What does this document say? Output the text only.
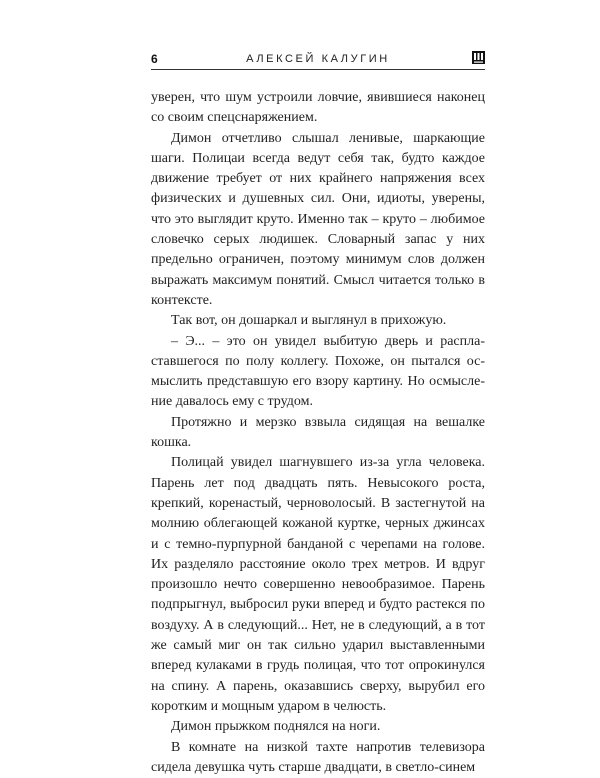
6	АЛЕКСЕЙ КАЛУГИН

уверен, что шум устроили ловчие, явившиеся наконец со своим спецснаряжением.

Димон отчетливо слышал ленивые, шаркающие шаги. Полицаи всегда ведут себя так, будто каждое движение требует от них крайнего напряжения всех физических и душевных сил. Они, идиоты, уверены, что это выглядит круто. Именно так – круто – любимое словечко серых людишек. Словарный запас у них предельно ограничен, поэтому минимум слов должен выражать максимум понятий. Смысл читается только в контексте.

Так вот, он дошаркал и выглянул в прихожую.

– Э... – это он увидел выбитую дверь и распластавшегося по полу коллегу. Похоже, он пытался осмыслить представшую его взору картину. Но осмысление давалось ему с трудом.

Протяжно и мерзко взвыла сидящая на вешалке кошка.

Полицай увидел шагнувшего из-за угла человека. Парень лет под двадцать пять. Невысокого роста, крепкий, коренастый, черноволосый. В застегнутой на молнию облегающей кожаной куртке, черных джинсах и с темно-пурпурной банданой с черепами на голове. Их разделяло расстояние около трех метров. И вдруг произошло нечто совершенно невообразимое. Парень подпрыгнул, выбросил руки вперед и будто растекся по воздуху. А в следующий... Нет, не в следующий, а в тот же самый миг он так сильно ударил выставленными вперед кулаками в грудь полицая, что тот опрокинулся на спину. А парень, оказавшись сверху, вырубил его коротким и мощным ударом в челюсть.

Димон прыжком поднялся на ноги.

В комнате на низкой тахте напротив телевизора сидела девушка чуть старше двадцати, в светло-синем
